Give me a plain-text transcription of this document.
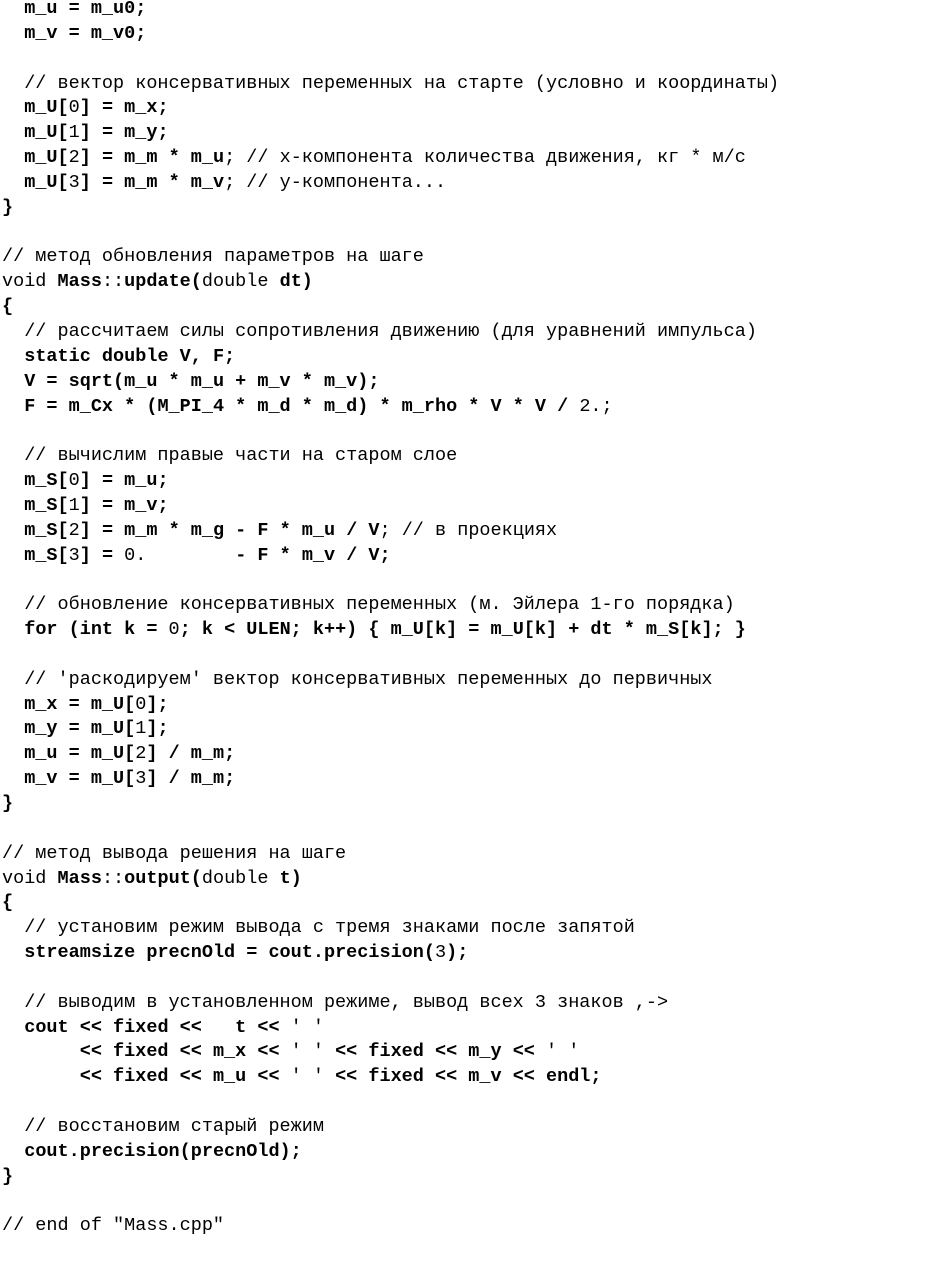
m_u = m_u0;
m_v = m_v0;
// вектор консервативных переменных на старте (условно и координаты)
m_U[0] = m_x;
m_U[1] = m_y;
m_U[2] = m_m * m_u; // x-компонента количества движения, кг * м/с
m_U[3] = m_m * m_v; // y-компонента...
}
// метод обновления параметров на шаге
void Mass::update(double dt)
{
// рассчитаем силы сопротивления движению (для уравнений импульса)
static double V, F;
V = sqrt(m_u * m_u + m_v * m_v);
F = m_Cx * (M_PI_4 * m_d * m_d) * m_rho * V * V / 2.;
// вычислим правые части на старом слое
m_S[0] = m_u;
m_S[1] = m_v;
m_S[2] = m_m * m_g - F * m_u / V; // в проекциях
m_S[3] = 0.        - F * m_v / V;
// обновление консервативных переменных (м. Эйлера 1-го порядка)
for (int k = 0; k < ULEN; k++) { m_U[k] = m_U[k] + dt * m_S[k]; }
// 'раскодируем' вектор консервативных переменных до первичных
m_x = m_U[0];
m_y = m_U[1];
m_u = m_U[2] / m_m;
m_v = m_U[3] / m_m;
}
// метод вывода решения на шаге
void Mass::output(double t)
{
// установим режим вывода с тремя знаками после запятой
streamsize precnOld = cout.precision(3);
// выводим в установленном режиме, вывод всех 3 знаков ,->
cout << fixed <<   t << ' '
<< fixed << m_x << ' ' << fixed << m_y << ' '
<< fixed << m_u << ' ' << fixed << m_v << endl;
// восстановим старый режим
cout.precision(precnOld);
}
// end of "Mass.cpp"
